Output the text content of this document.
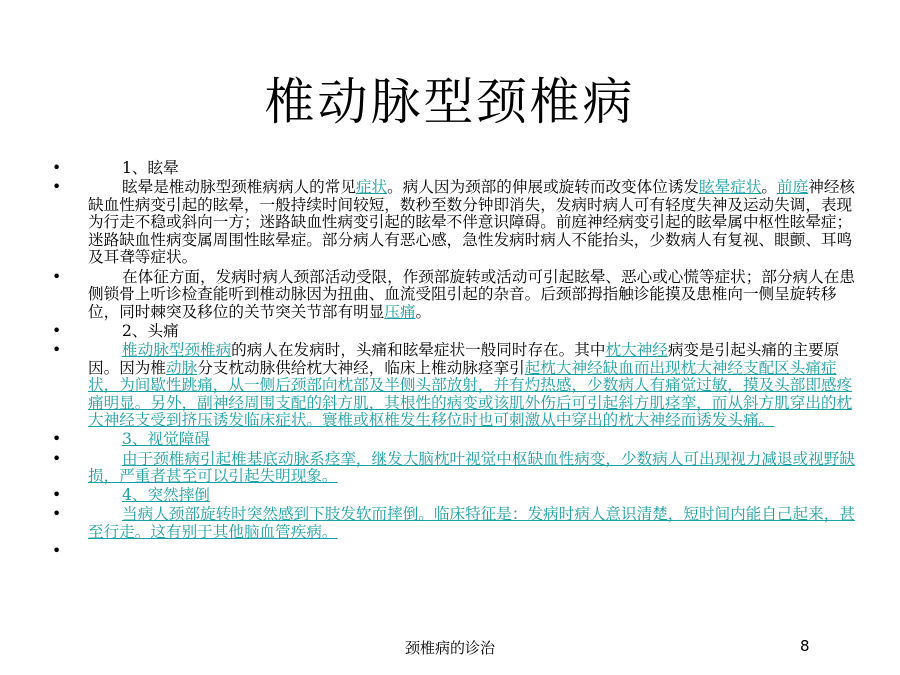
椎动脉型颈椎病
•	1、眩晕
•	眩晕是椎动脉型颈椎病病人的常见症状。病人因为颈部的伸展或旋转而改变体位诱发眩晕症状。前庭神经核缺血性病变引起的眩晕，一般持续时间较短，数秒至数分钟即消失，发病时病人可有轻度失神及运动失调，表现为行走不稳或斜向一方；迷路缺血性病变引起的眩晕不伴意识障碍。前庭神经病变引起的眩晕属中枢性眩晕症；迷路缺血性病变属周围性眩晕症。部分病人有恶心感，急性发病时病人不能抬头，少数病人有复视、眼颤、耳鸣及耳聋等症状。
•	在体征方面，发病时病人颈部活动受限，作颈部旋转或活动可引起眩晕、恶心或心慌等症状；部分病人在患侧锁骨上听诊检查能听到椎动脉因为扭曲、血流受阻引起的杂音。后颈部拇指触诊能摸及患椎向一侧呈旋转移位，同时棘突及移位的关节突关节部有明显压痛。
•	2、头痛
•	椎动脉型颈椎病的病人在发病时，头痛和眩晕症状一般同时存在。其中枕大神经病变是引起头痛的主要原因。因为椎动脉分支枕动脉供给枕大神经，临床上椎动脉痉挛引起枕大神经缺血而出现枕大神经支配区头痛症状，为间歇性跳痛，从一侧后颈部向枕部及半侧头部放射，并有灼热感，少数病人有痛觉过敏，摸及头部即感疼痛明显。另外，副神经周围支配的斜方肌，其根性的病变或该肌外伤后可引起斜方肌痉挛，而从斜方肌穿出的枕大神经支受到挤压诱发临床症状。寰椎或枢椎发生移位时也可刺激从中穿出的枕大神经而诱发头痛。
•	3、视觉障碍
•	由于颈椎病引起椎基底动脉系痉挛，继发大脑枕叶视觉中枢缺血性病变，少数病人可出现视力减退或视野缺损，严重者甚至可以引起失明现象。
•	4、突然摔倒
•	当病人颈部旋转时突然感到下肢发软而摔倒。临床特征是：发病时病人意识清楚，短时间内能自己起来，甚至行走。这有别于其他脑血管疾病。
•
颈椎病的诊治	8
